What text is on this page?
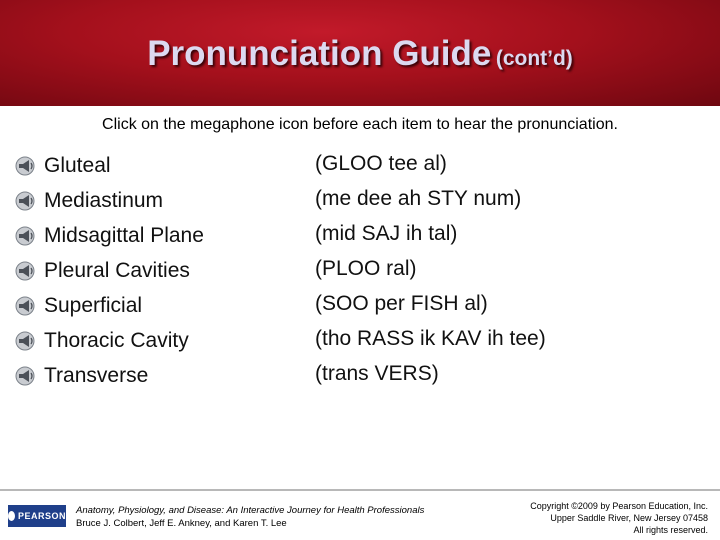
Pronunciation Guide (cont’d)
Click on the megaphone icon before each item to hear the pronunciation.
Gluteal
Mediastinum
Midsagittal Plane
Pleural Cavities
Superficial
Thoracic Cavity
Transverse
(GLOO tee al)
(me dee ah STY num)
(mid SAJ ih tal)
(PLOO ral)
(SOO per FISH al)
(tho RASS ik KAV ih tee)
(trans VERS)
PEARSON Anatomy, Physiology, and Disease: An Interactive Journey for Health Professionals
Bruce J. Colbert, Jeff E. Ankney, and Karen T. Lee
Copyright ©2009 by Pearson Education, Inc.
Upper Saddle River, New Jersey 07458
All rights reserved.
